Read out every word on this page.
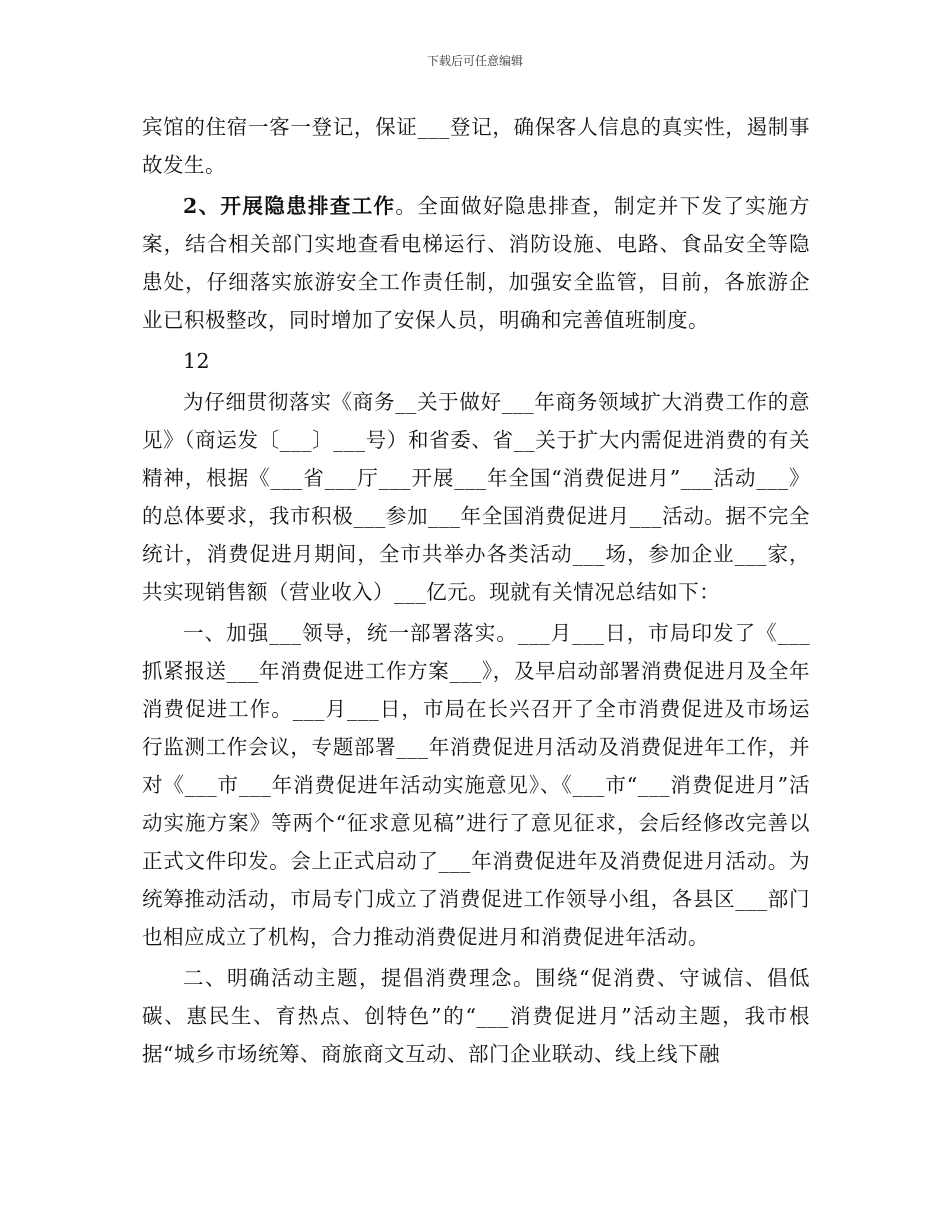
下载后可任意编辑

宾馆的住宿一客一登记，保证___登记，确保客人信息的真实性，遏制事故发生。

2、开展隐患排查工作。全面做好隐患排查，制定并下发了实施方案，结合相关部门实地查看电梯运行、消防设施、电路、食品安全等隐患处，仔细落实旅游安全工作责任制，加强安全监管，目前，各旅游企业已积极整改，同时增加了安保人员，明确和完善值班制度。

12

为仔细贯彻落实《商务__关于做好___年商务领域扩大消费工作的意见》（商运发〔___〕___号）和省委、省__关于扩大内需促进消费的有关精神，根据《___省___厅___开展___年全国“消费促进月”___活动___》的总体要求，我市积极___参加___年全国消费促进月___活动。据不完全统计，消费促进月期间，全市共举办各类活动___场，参加企业___家，共实现销售额（营业收入）___亿元。现就有关情况总结如下：

一、加强___领导，统一部署落实。___月___日，市局印发了《___抓紧报送___年消费促进工作方案___》，及早启动部署消费促进月及全年消费促进工作。___月___日，市局在长兴召开了全市消费促进及市场运行监测工作会议，专题部署___年消费促进月活动及消费促进年工作，并对《___市___年消费促进年活动实施意见》、《___市“___消费促进月”活动实施方案》等两个“征求意见稿”进行了意见征求，会后经修改完善以正式文件印发。会上正式启动了___年消费促进年及消费促进月活动。为统筹推动活动，市局专门成立了消费促进工作领导小组，各县区___部门也相应成立了机构，合力推动消费促进月和消费促进年活动。

二、明确活动主题，提倡消费理念。围绕“促消费、守诚信、倡低碳、惠民生、育热点、创特色”的“___消费促进月”活动主题，我市根据“城乡市场统筹、商旅商文互动、部门企业联动、线上线下融
